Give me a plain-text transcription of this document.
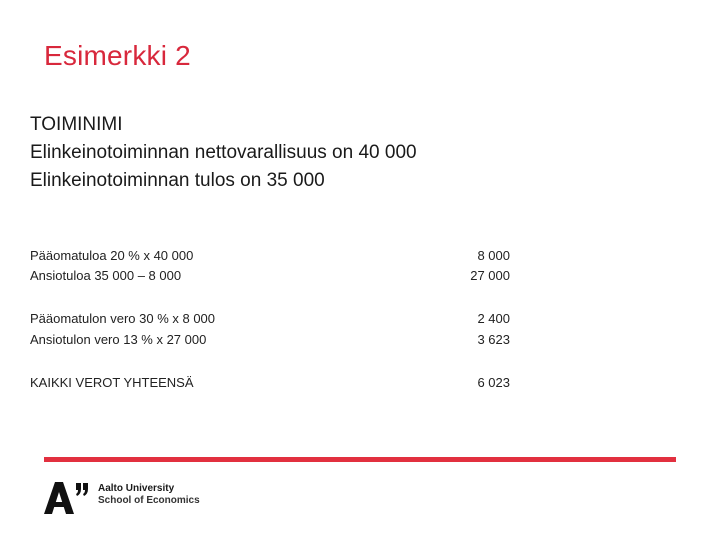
Esimerkki 2
TOIMINIMI
Elinkeinotoiminnan nettovarallisuus on 40 000
Elinkeinotoiminnan tulos on 35 000
Pääomatuloa 20 % x 40 000	8 000
Ansiotuloa 35 000 – 8 000	27 000
Pääomatulon vero 30 % x 8 000	2 400
Ansiotulon vero 13 % x 27 000	3 623
KAIKKI VEROT YHTEENSÄ	6 023
Aalto University
School of Economics
